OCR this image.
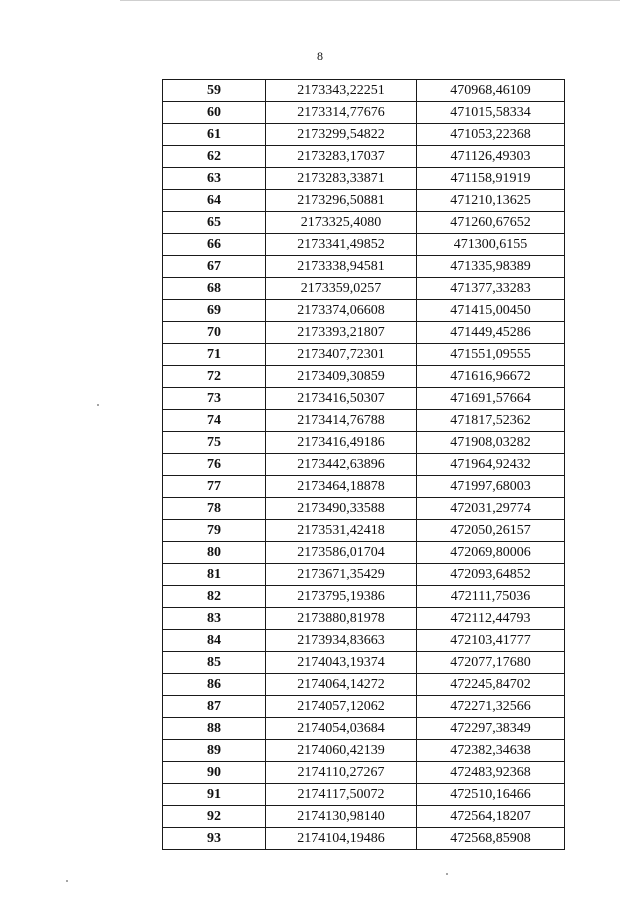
8
59	2173343,22251	470968,46109
60	2173314,77676	471015,58334
61	2173299,54822	471053,22368
62	2173283,17037	471126,49303
63	2173283,33871	471158,91919
64	2173296,50881	471210,13625
65	2173325,4080	471260,67652
66	2173341,49852	471300,6155
67	2173338,94581	471335,98389
68	2173359,0257	471377,33283
69	2173374,06608	471415,00450
70	2173393,21807	471449,45286
71	2173407,72301	471551,09555
72	2173409,30859	471616,96672
73	2173416,50307	471691,57664
74	2173414,76788	471817,52362
75	2173416,49186	471908,03282
76	2173442,63896	471964,92432
77	2173464,18878	471997,68003
78	2173490,33588	472031,29774
79	2173531,42418	472050,26157
80	2173586,01704	472069,80006
81	2173671,35429	472093,64852
82	2173795,19386	472111,75036
83	2173880,81978	472112,44793
84	2173934,83663	472103,41777
85	2174043,19374	472077,17680
86	2174064,14272	472245,84702
87	2174057,12062	472271,32566
88	2174054,03684	472297,38349
89	2174060,42139	472382,34638
90	2174110,27267	472483,92368
91	2174117,50072	472510,16466
92	2174130,98140	472564,18207
93	2174104,19486	472568,85908
